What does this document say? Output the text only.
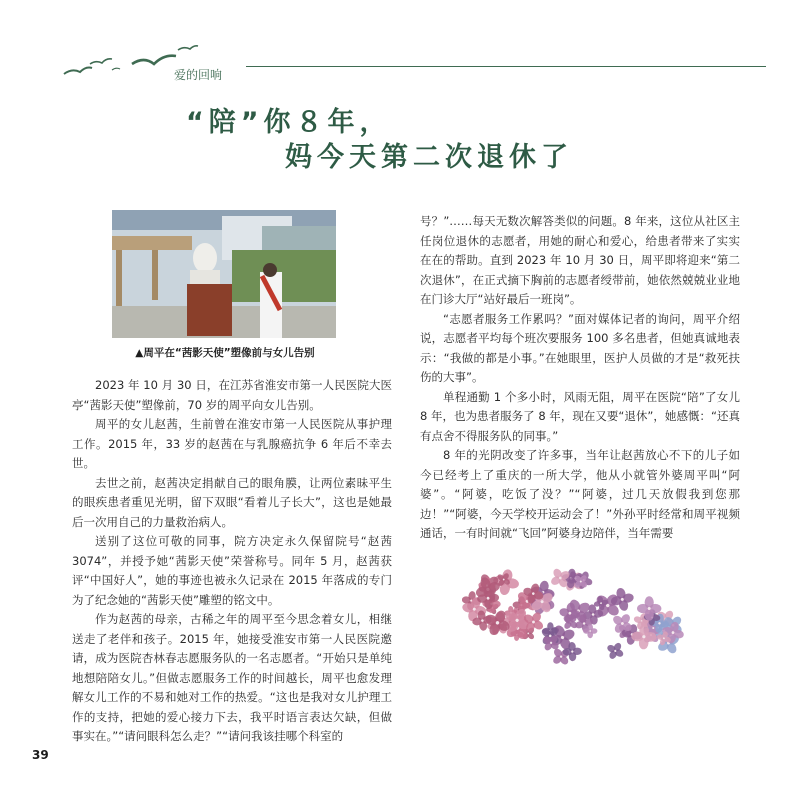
爱的回响
“陪”你８年，
妈今天第二次退休了
▲周平在“茜影天使”塑像前与女儿告别

2023 年 10 月 30 日，在江苏省淮安市第一人民医院大医亭“茜影天使”塑像前，70 岁的周平向女儿告别。

周平的女儿赵茜，生前曾在淮安市第一人民医院从事护理工作。2015 年，33 岁的赵茜在与乳腺癌抗争 6 年后不幸去世。

去世之前，赵茜决定捐献自己的眼角膜，让两位素昧平生的眼疾患者重见光明，留下双眼“看着儿子长大”，这也是她最后一次用自己的力量救治病人。

送别了这位可敬的同事，院方决定永久保留院号“赵茜 3074”，并授予她“茜影天使”荣誉称号。同年 5 月，赵茜获评“中国好人”，她的事迹也被永久记录在 2015 年落成的专门为了纪念她的“茜影天使”雕塑的铭文中。

作为赵茜的母亲，古稀之年的周平至今思念着女儿，相继送走了老伴和孩子。2015 年，她接受淮安市第一人民医院邀请，成为医院杏林春志愿服务队的一名志愿者。“开始只是单纯地想陪陪女儿。”但做志愿服务工作的时间越长，周平也愈发理解女儿工作的不易和她对工作的热爱。“这也是我对女儿护理工作的支持，把她的爱心接力下去，我平时语言表达欠缺，但做事实在。”“请问眼科怎么走？”“请问我该挂哪个科室的

号？”……每天无数次解答类似的问题。8 年来，这位从社区主任岗位退休的志愿者，用她的耐心和爱心，给患者带来了实实在在的帮助。直到 2023 年 10 月 30 日，周平即将迎来“第二次退休”，在正式摘下胸前的志愿者绶带前，她依然兢兢业业地在门诊大厅“站好最后一班岗”。

“志愿者服务工作累吗？”面对媒体记者的询问，周平介绍说，志愿者平均每个班次要服务 100 多名患者，但她真诚地表示：“我做的都是小事。”在她眼里，医护人员做的才是“救死扶伤的大事”。

单程通勤 1 个多小时，风雨无阻，周平在医院“陪”了女儿 8 年，也为患者服务了 8 年，现在又要“退休”，她感慨：“还真有点舍不得服务队的同事。”

8 年的光阴改变了许多事，当年让赵茜放心不下的儿子如今已经考上了重庆的一所大学，他从小就管外婆周平叫“阿婆”。“阿婆，吃饭了没？”“阿婆，过几天放假我到您那边！”“阿婆，今天学校开运动会了！”外孙平时经常和周平视频通话，一有时间就“飞回”阿婆身边陪伴，当年需要

39
